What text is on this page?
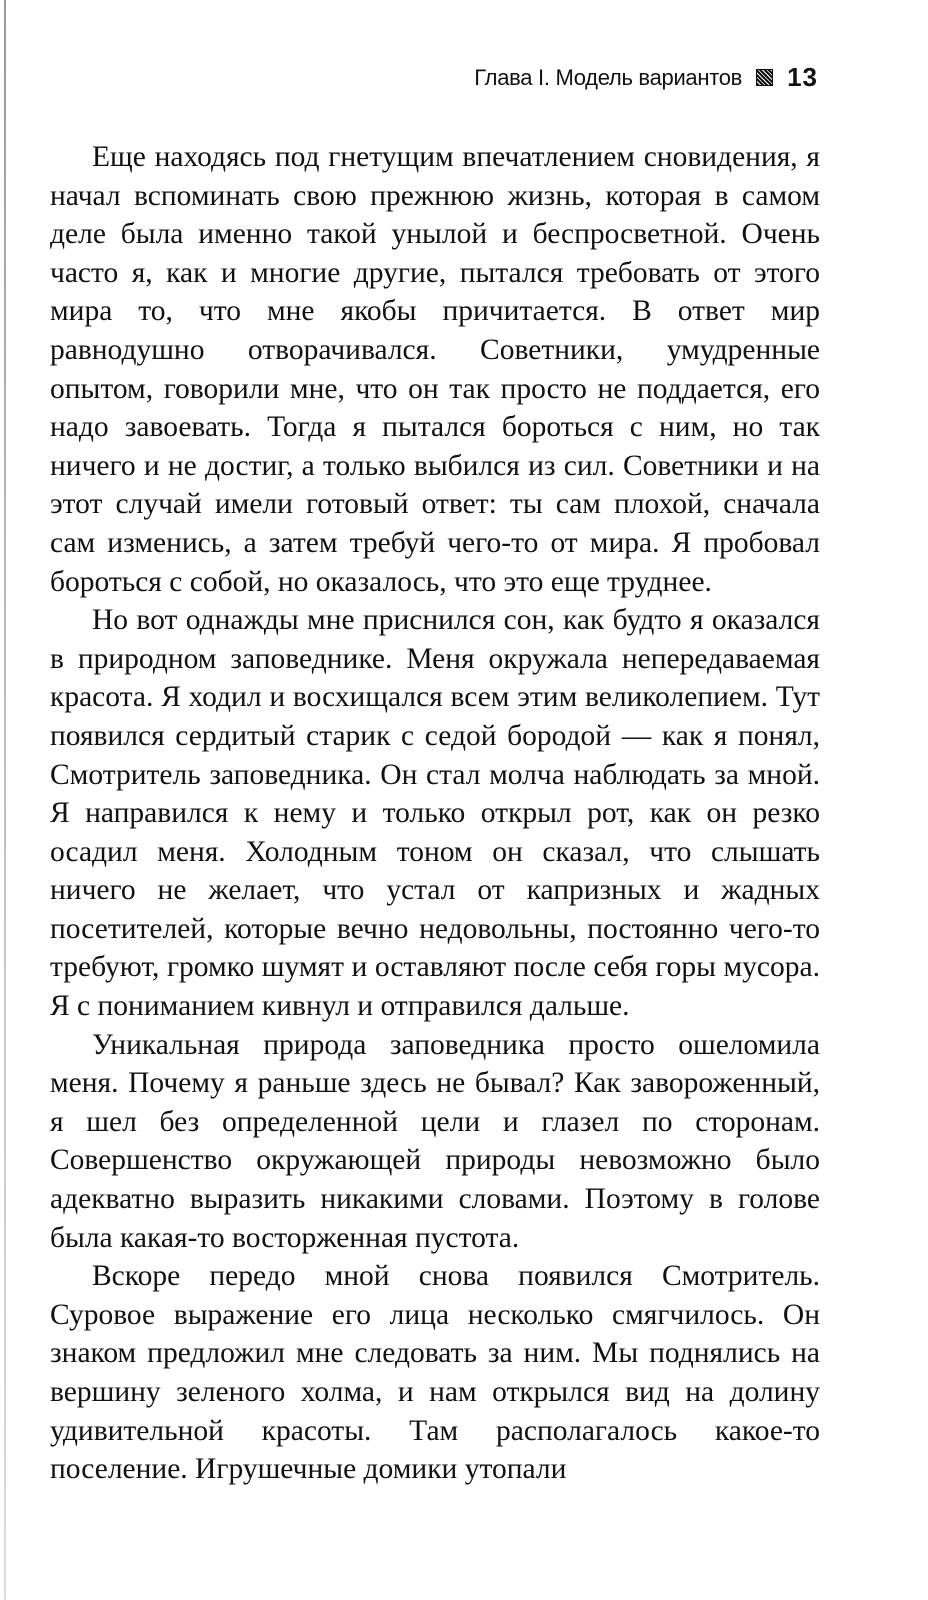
Глава I. Модель вариантов 13

Еще находясь под гнетущим впечатлением сновидения, я начал вспоминать свою прежнюю жизнь, которая в самом деле была именно такой унылой и беспросветной. Очень часто я, как и многие другие, пытался требовать от этого мира то, что мне якобы причитается. В ответ мир равнодушно отворачивался. Советники, умудренные опытом, говорили мне, что он так просто не поддается, его надо завоевать. Тогда я пытался бороться с ним, но так ничего и не достиг, а только выбился из сил. Советники и на этот случай имели готовый ответ: ты сам плохой, сначала сам изменись, а затем требуй чего-то от мира. Я пробовал бороться с собой, но оказалось, что это еще труднее.

Но вот однажды мне приснился сон, как будто я оказался в природном заповеднике. Меня окружала непередаваемая красота. Я ходил и восхищался всем этим великолепием. Тут появился сердитый старик с седой бородой — как я понял, Смотритель заповедника. Он стал молча наблюдать за мной. Я направился к нему и только открыл рот, как он резко осадил меня. Холодным тоном он сказал, что слышать ничего не желает, что устал от капризных и жадных посетителей, которые вечно недовольны, постоянно чего-то требуют, громко шумят и оставляют после себя горы мусора. Я с пониманием кивнул и отправился дальше.

Уникальная природа заповедника просто ошеломила меня. Почему я раньше здесь не бывал? Как завороженный, я шел без определенной цели и глазел по сторонам. Совершенство окружающей природы невозможно было адекватно выразить никакими словами. Поэтому в голове была какая-то восторженная пустота.

Вскоре передо мной снова появился Смотритель. Суровое выражение его лица несколько смягчилось. Он знаком предложил мне следовать за ним. Мы поднялись на вершину зеленого холма, и нам открылся вид на долину удивительной красоты. Там располагалось какое-то поселение. Игрушечные домики утопали
